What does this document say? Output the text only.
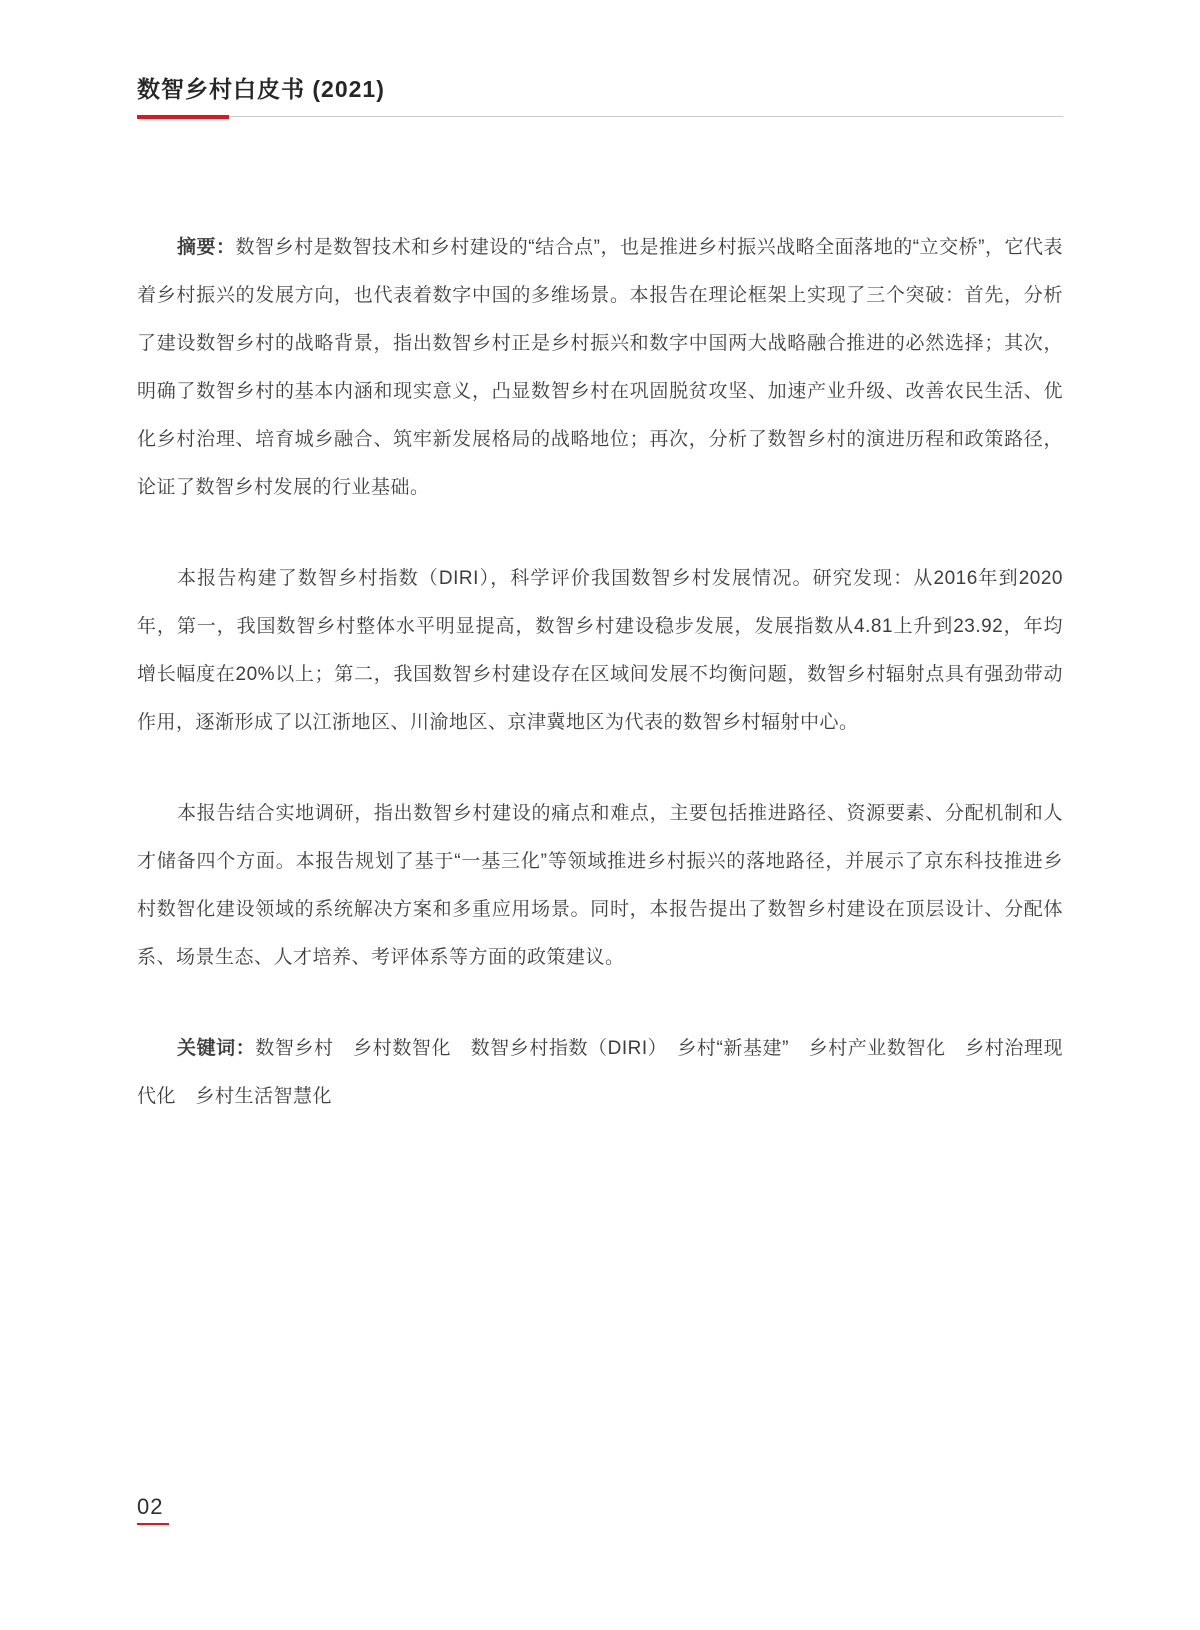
数智乡村白皮书 (2021)

摘要：数智乡村是数智技术和乡村建设的“结合点”，也是推进乡村振兴战略全面落地的“立交桥”，它代表着乡村振兴的发展方向，也代表着数字中国的多维场景。本报告在理论框架上实现了三个突破：首先，分析了建设数智乡村的战略背景，指出数智乡村正是乡村振兴和数字中国两大战略融合推进的必然选择；其次，明确了数智乡村的基本内涵和现实意义，凸显数智乡村在巩固脱贫攻坚、加速产业升级、改善农民生活、优化乡村治理、培育城乡融合、筑牢新发展格局的战略地位；再次，分析了数智乡村的演进历程和政策路径，论证了数智乡村发展的行业基础。

本报告构建了数智乡村指数（DIRI），科学评价我国数智乡村发展情况。研究发现：从2016年到2020年，第一，我国数智乡村整体水平明显提高，数智乡村建设稳步发展，发展指数从4.81上升到23.92，年均增长幅度在20%以上；第二，我国数智乡村建设存在区域间发展不均衡问题，数智乡村辐射点具有强劲带动作用，逐渐形成了以江浙地区、川渝地区、京津冀地区为代表的数智乡村辐射中心。

本报告结合实地调研，指出数智乡村建设的痛点和难点，主要包括推进路径、资源要素、分配机制和人才储备四个方面。本报告规划了基于“一基三化”等领域推进乡村振兴的落地路径，并展示了京东科技推进乡村数智化建设领域的系统解决方案和多重应用场景。同时，本报告提出了数智乡村建设在顶层设计、分配体系、场景生态、人才培养、考评体系等方面的政策建议。

关键词：数智乡村　乡村数智化　数智乡村指数（DIRI）　乡村“新基建”　乡村产业数智化　乡村治理现代化　乡村生活智慧化

02
